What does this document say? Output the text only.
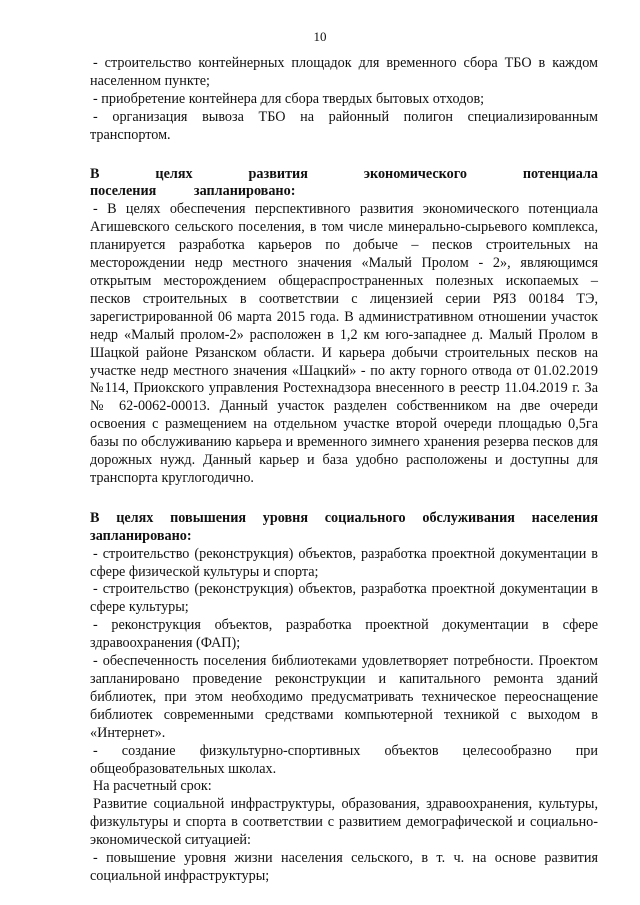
10

- строительство контейнерных площадок для временного сбора ТБО в каждом населенном пункте;

- приобретение контейнера для сбора твердых бытовых отходов;

- организация вывоза ТБО на районный полигон специализированным транспортом.

В целях развития экономического потенциала поселения запланировано:

- В целях обеспечения перспективного развития экономического потенциала Агишевского сельского поселения, в том числе минерально-сырьевого комплекса, планируется разработка карьеров по добыче – песков строительных на месторождении недр местного значения «Малый Пролом - 2», являющимся открытым месторождением общераспространенных полезных ископаемых – песков строительных в соответствии с лицензией серии РЯЗ 00184 ТЭ, зарегистрированной 06 марта 2015 года. В административном отношении участок недр «Малый пролом-2» расположен в 1,2 км юго-западнее д. Малый Пролом в Шацкой районе Рязанском области. И карьера добычи строительных песков на участке недр местного значения «Шацкий» - по акту горного отвода от 01.02.2019 №114, Приокского управления Ростехнадзора внесенного в реестр 11.04.2019 г. За № 62-0062-00013. Данный участок разделен собственником на две очереди освоения с размещением на отдельном участке второй очереди площадью 0,5га базы по обслуживанию карьера и временного зимнего хранения резерва песков для дорожных нужд. Данный карьер и база удобно расположены и доступны для транспорта круглогодично.

В целях повышения уровня социального обслуживания населения запланировано:

- строительство (реконструкция) объектов, разработка проектной документации в сфере физической культуры и спорта;

- строительство (реконструкция) объектов, разработка проектной документации в сфере культуры;

- реконструкция объектов, разработка проектной документации в сфере здравоохранения (ФАП);

- обеспеченность поселения библиотеками удовлетворяет потребности. Проектом запланировано проведение реконструкции и капитального ремонта зданий библиотек, при этом необходимо предусматривать техническое переоснащение библиотек современными средствами компьютерной техникой с выходом в «Интернет».

- создание физкультурно-спортивных объектов целесообразно при общеобразовательных школах.

На расчетный срок:

Развитие социальной инфраструктуры, образования, здравоохранения, культуры, физкультуры и спорта в соответствии с развитием демографической и социально-экономической ситуацией:

- повышение уровня жизни населения сельского, в т. ч. на основе развития социальной инфраструктуры;
